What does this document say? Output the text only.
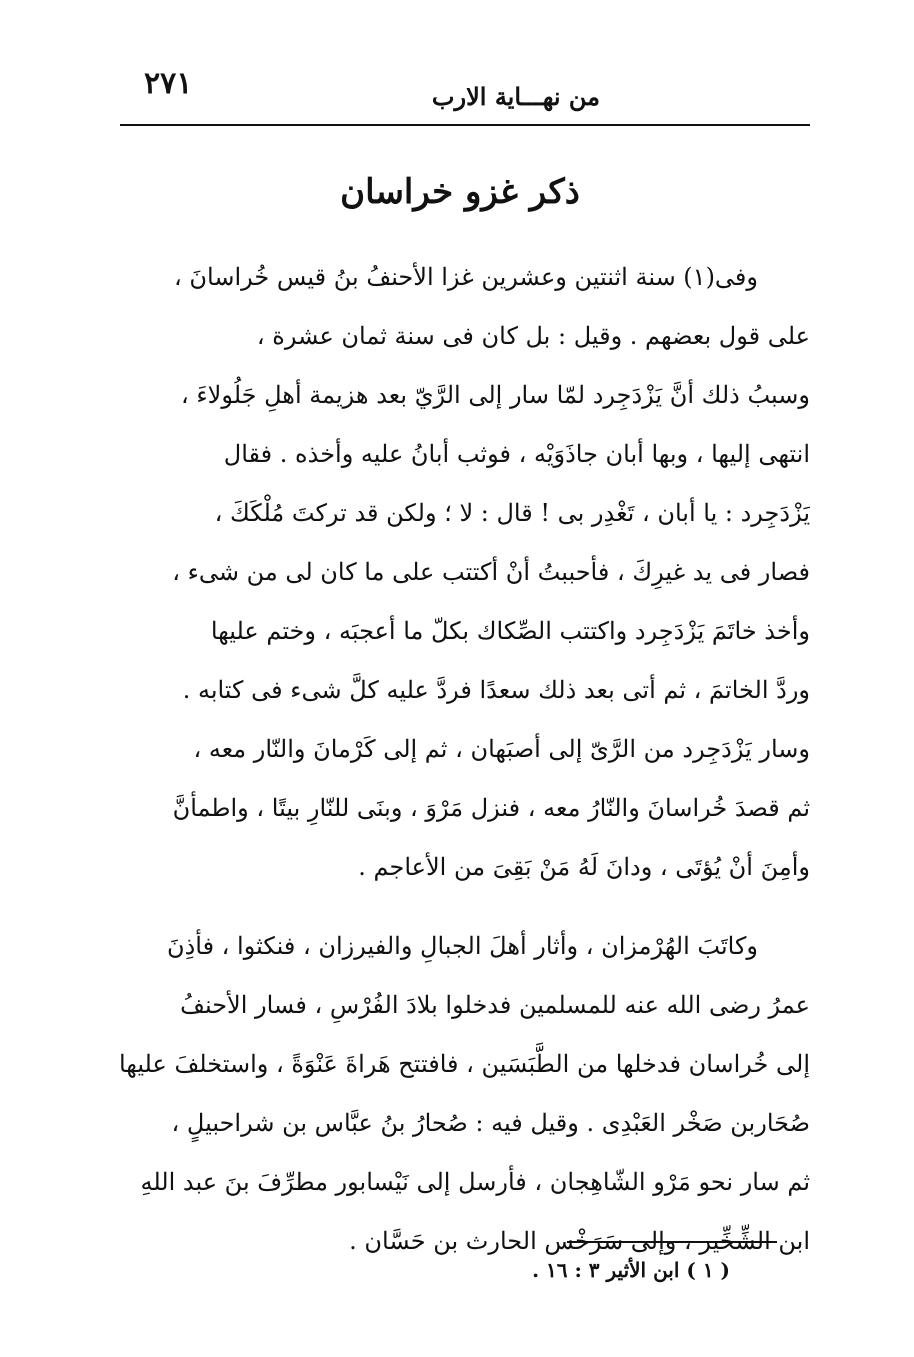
٢٧١	من نهـــاية الارب
ذكر غزو خراسان
وفى(١) سنة اثنتين وعشرين غزا الأحنفُ بنُ قيس خُراسانَ ،
على قول بعضهم . وقيل : بل كان فى سنة ثمان عشرة ،
وسببُ ذلك أنَّ يَزْدَجِرد لمّا سار إلى الرَّيّ بعد هزيمة أهلِ جَلُولاءَ ،
انتهى إليها ، وبها أبان جاذَوَيْه ، فوثب أبانُ عليه وأخذه . فقال
يَزْدَجِرد : يا أبان ، تَغْدِر بى ! قال : لا ؛ ولكن قد تركتَ مُلْكَكَ ،
فصار فى يد غيرِكَ ، فأحببتُ أنْ أكتتب على ما كان لى من شىء ،
وأخذ خاتَمَ يَزْدَجِرد واكتتب الصِّكاك بكلّ ما أعجبَه ، وختم عليها
وردَّ الخاتمَ ، ثم أتى بعد ذلك سعدًا فردَّ عليه كلَّ شىء فى كتابه .
وسار يَزْدَجِرد من الرَّىّ إلى أصبَهان ، ثم إلى كَرْمانَ والنّار معه ،
ثم قصدَ خُراسانَ والنّارُ معه ، فنزل مَرْوَ ، وبنَى للنّارِ بيتًا ، واطمأنَّ
وأمِنَ أنْ يُؤتَى ، ودانَ لَهُ مَنْ بَقِىَ من الأعاجم .
وكاتَبَ الهُرْمزان ، وأثار أهلَ الجبالِ والفيرزان ، فنكثوا ، فأذِنَ
عمرُ رضى الله عنه للمسلمين فدخلوا بلادَ الفُرْسِ ، فسار الأحنفُ
إلى خُراسان فدخلها من الطَّبَسَين ، فافتتح هَراةَ عَنْوَةً ، واستخلفَ عليها
صُحَاربن صَخْر العَبْدِى . وقيل فيه : صُحارُ بنُ عبَّاس بن شراحبيلٍ ،
ثم سار نحو مَرْو الشّاهِجان ، فأرسل إلى نَيْسابور مطرِّفَ بنَ عبد اللهِ
ابن الشِّخِّير ، وإلى سَرَخْس الحارث بن حَسَّان .
( ١ ) ابن الأثير ٣ : ١٦ .
